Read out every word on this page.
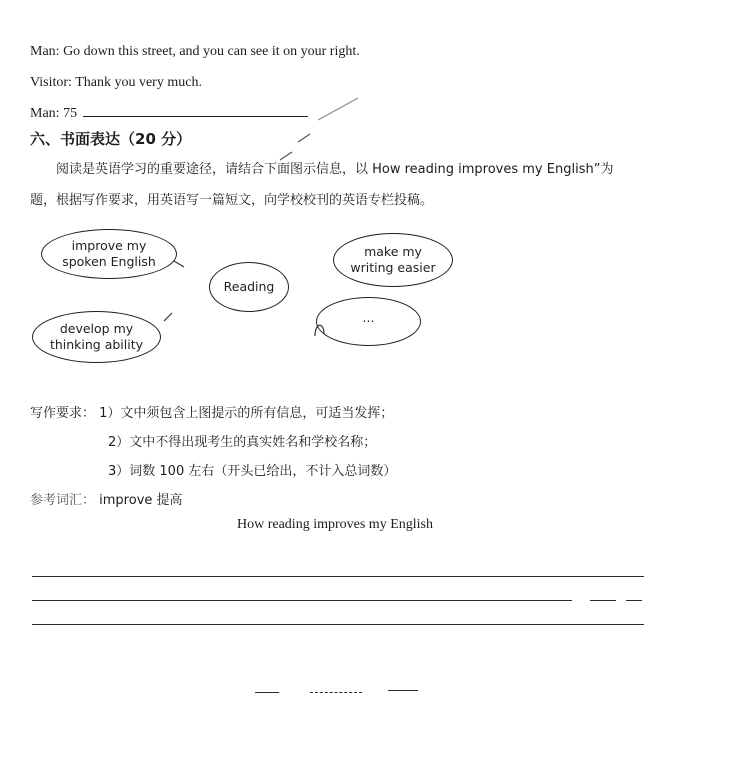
Man: Go down this street, and you can see it on your right.
Visitor: Thank you very much.
Man: 75
六、书面表达（20 分）
阅读是英语学习的重要途径，请结合下面图示信息，以 How reading improves my English”为
题，根据写作要求，用英语写一篇短文，向学校校刊的英语专栏投稿。
improve my
spoken English
make my
writing easier
Reading
develop my
thinking ability
...
写作要求： 1）文中须包含上图提示的所有信息，可适当发挥；
2）文中不得出现考生的真实姓名和学校名称；
3）词数 100 左右（开头已给出，不计入总词数）
参考词汇： improve 提高
How reading improves my English
